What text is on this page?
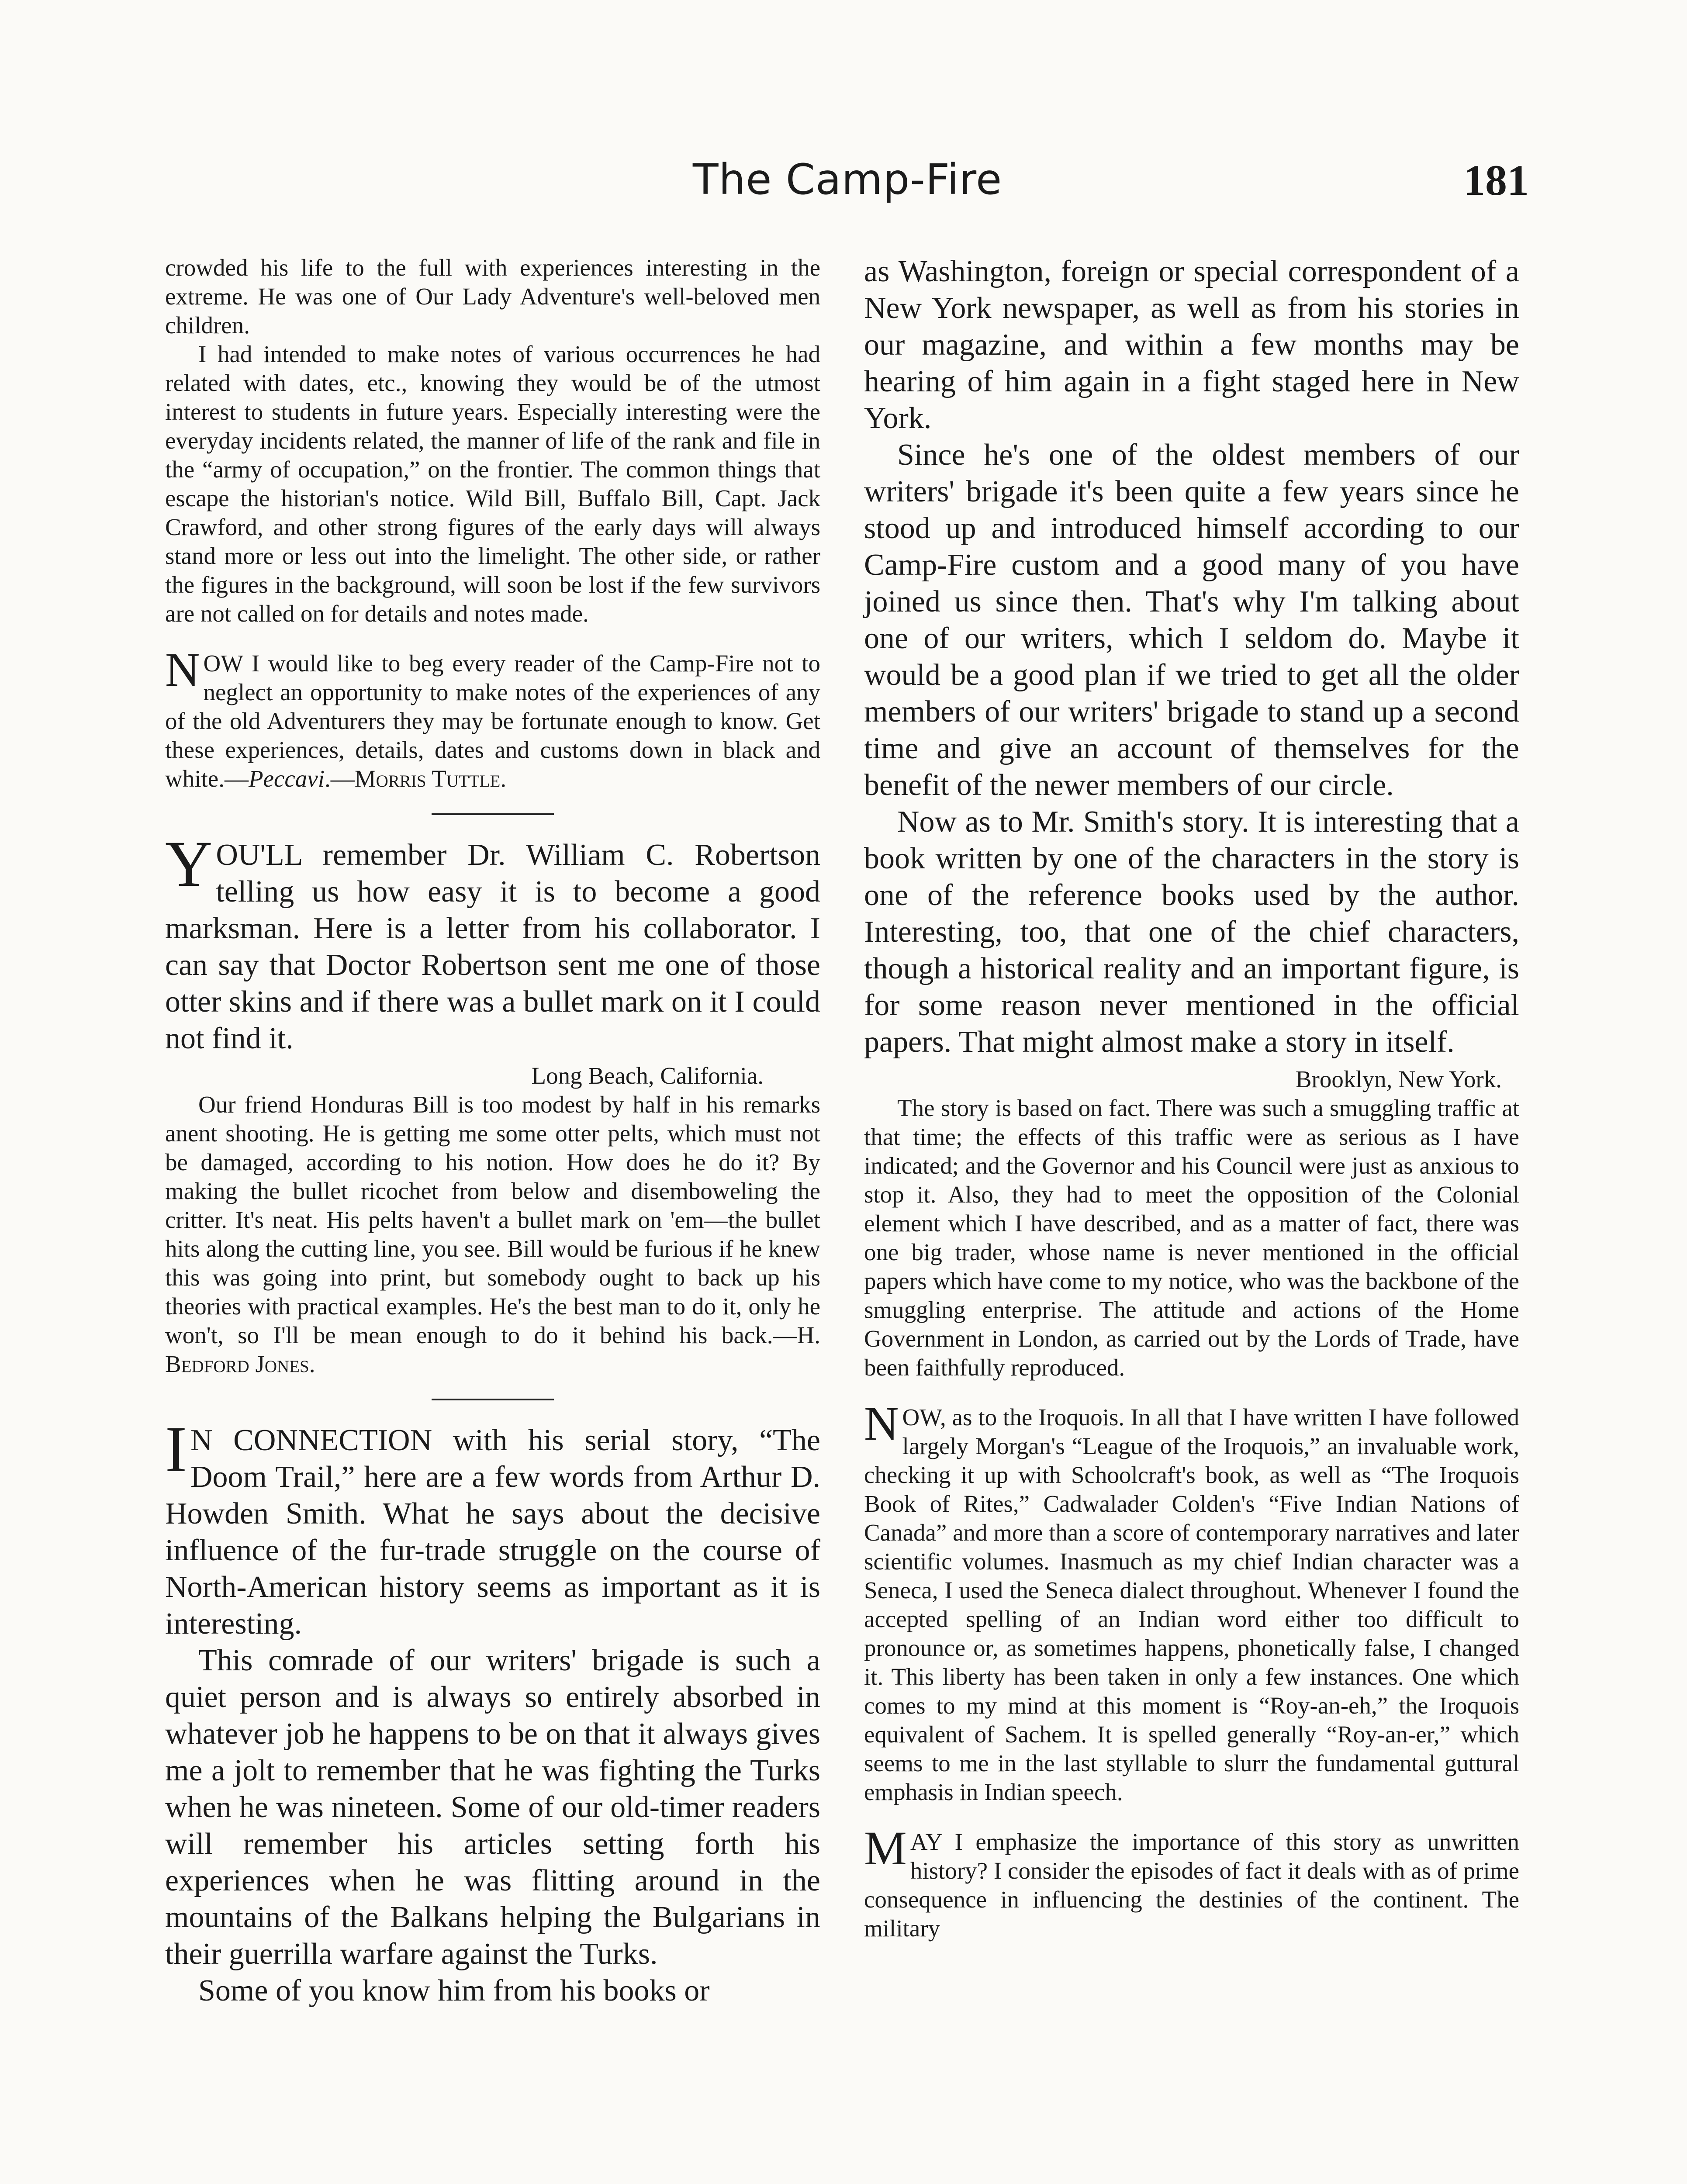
The Camp-Fire	181

crowded his life to the full with experiences interesting in the extreme. He was one of Our Lady Adventure's well-beloved men children.

I had intended to make notes of various occurrences he had related with dates, etc., knowing they would be of the utmost interest to students in future years. Especially interesting were the everyday incidents related, the manner of life of the rank and file in the “army of occupation,” on the frontier. The common things that escape the historian's notice. Wild Bill, Buffalo Bill, Capt. Jack Crawford, and other strong figures of the early days will always stand more or less out into the limelight. The other side, or rather the figures in the background, will soon be lost if the few survivors are not called on for details and notes made.

NOW I would like to beg every reader of the Camp-Fire not to neglect an opportunity to make notes of the experiences of any of the old Adventurers they may be fortunate enough to know. Get these experiences, details, dates and customs down in black and white.—Peccavi.—Morris Tuttle.

YOU'LL remember Dr. William C. Robertson telling us how easy it is to become a good marksman. Here is a letter from his collaborator. I can say that Doctor Robertson sent me one of those otter skins and if there was a bullet mark on it I could not find it.

Long Beach, California.

Our friend Honduras Bill is too modest by half in his remarks anent shooting. He is getting me some otter pelts, which must not be damaged, according to his notion. How does he do it? By making the bullet ricochet from below and disemboweling the critter. It's neat. His pelts haven't a bullet mark on 'em—the bullet hits along the cutting line, you see. Bill would be furious if he knew this was going into print, but somebody ought to back up his theories with practical examples. He's the best man to do it, only he won't, so I'll be mean enough to do it behind his back.—H. Bedford Jones.

IN CONNECTION with his serial story, “The Doom Trail,” here are a few words from Arthur D. Howden Smith. What he says about the decisive influence of the fur-trade struggle on the course of North-American history seems as important as it is interesting.

This comrade of our writers' brigade is such a quiet person and is always so entirely absorbed in whatever job he happens to be on that it always gives me a jolt to remember that he was fighting the Turks when he was nineteen. Some of our old-timer readers will remember his articles setting forth his experiences when he was flitting around in the mountains of the Balkans helping the Bulgarians in their guerrilla warfare against the Turks.

Some of you know him from his books or

as Washington, foreign or special correspondent of a New York newspaper, as well as from his stories in our magazine, and within a few months may be hearing of him again in a fight staged here in New York.

Since he's one of the oldest members of our writers' brigade it's been quite a few years since he stood up and introduced himself according to our Camp-Fire custom and a good many of you have joined us since then. That's why I'm talking about one of our writers, which I seldom do. Maybe it would be a good plan if we tried to get all the older members of our writers' brigade to stand up a second time and give an account of themselves for the benefit of the newer members of our circle.

Now as to Mr. Smith's story. It is interesting that a book written by one of the characters in the story is one of the reference books used by the author. Interesting, too, that one of the chief characters, though a historical reality and an important figure, is for some reason never mentioned in the official papers. That might almost make a story in itself.

Brooklyn, New York.

The story is based on fact. There was such a smuggling traffic at that time; the effects of this traffic were as serious as I have indicated; and the Governor and his Council were just as anxious to stop it. Also, they had to meet the opposition of the Colonial element which I have described, and as a matter of fact, there was one big trader, whose name is never mentioned in the official papers which have come to my notice, who was the backbone of the smuggling enterprise. The attitude and actions of the Home Government in London, as carried out by the Lords of Trade, have been faithfully reproduced.

NOW, as to the Iroquois. In all that I have written I have followed largely Morgan's “League of the Iroquois,” an invaluable work, checking it up with Schoolcraft's book, as well as “The Iroquois Book of Rites,” Cadwalader Colden's “Five Indian Nations of Canada” and more than a score of contemporary narratives and later scientific volumes. Inasmuch as my chief Indian character was a Seneca, I used the Seneca dialect throughout. Whenever I found the accepted spelling of an Indian word either too difficult to pronounce or, as sometimes happens, phonetically false, I changed it. This liberty has been taken in only a few instances. One which comes to my mind at this moment is “Roy-an-eh,” the Iroquois equivalent of Sachem. It is spelled generally “Roy-an-er,” which seems to me in the last styllable to slurr the fundamental guttural emphasis in Indian speech.

MAY I emphasize the importance of this story as unwritten history? I consider the episodes of fact it deals with as of prime consequence in influencing the destinies of the continent. The military
